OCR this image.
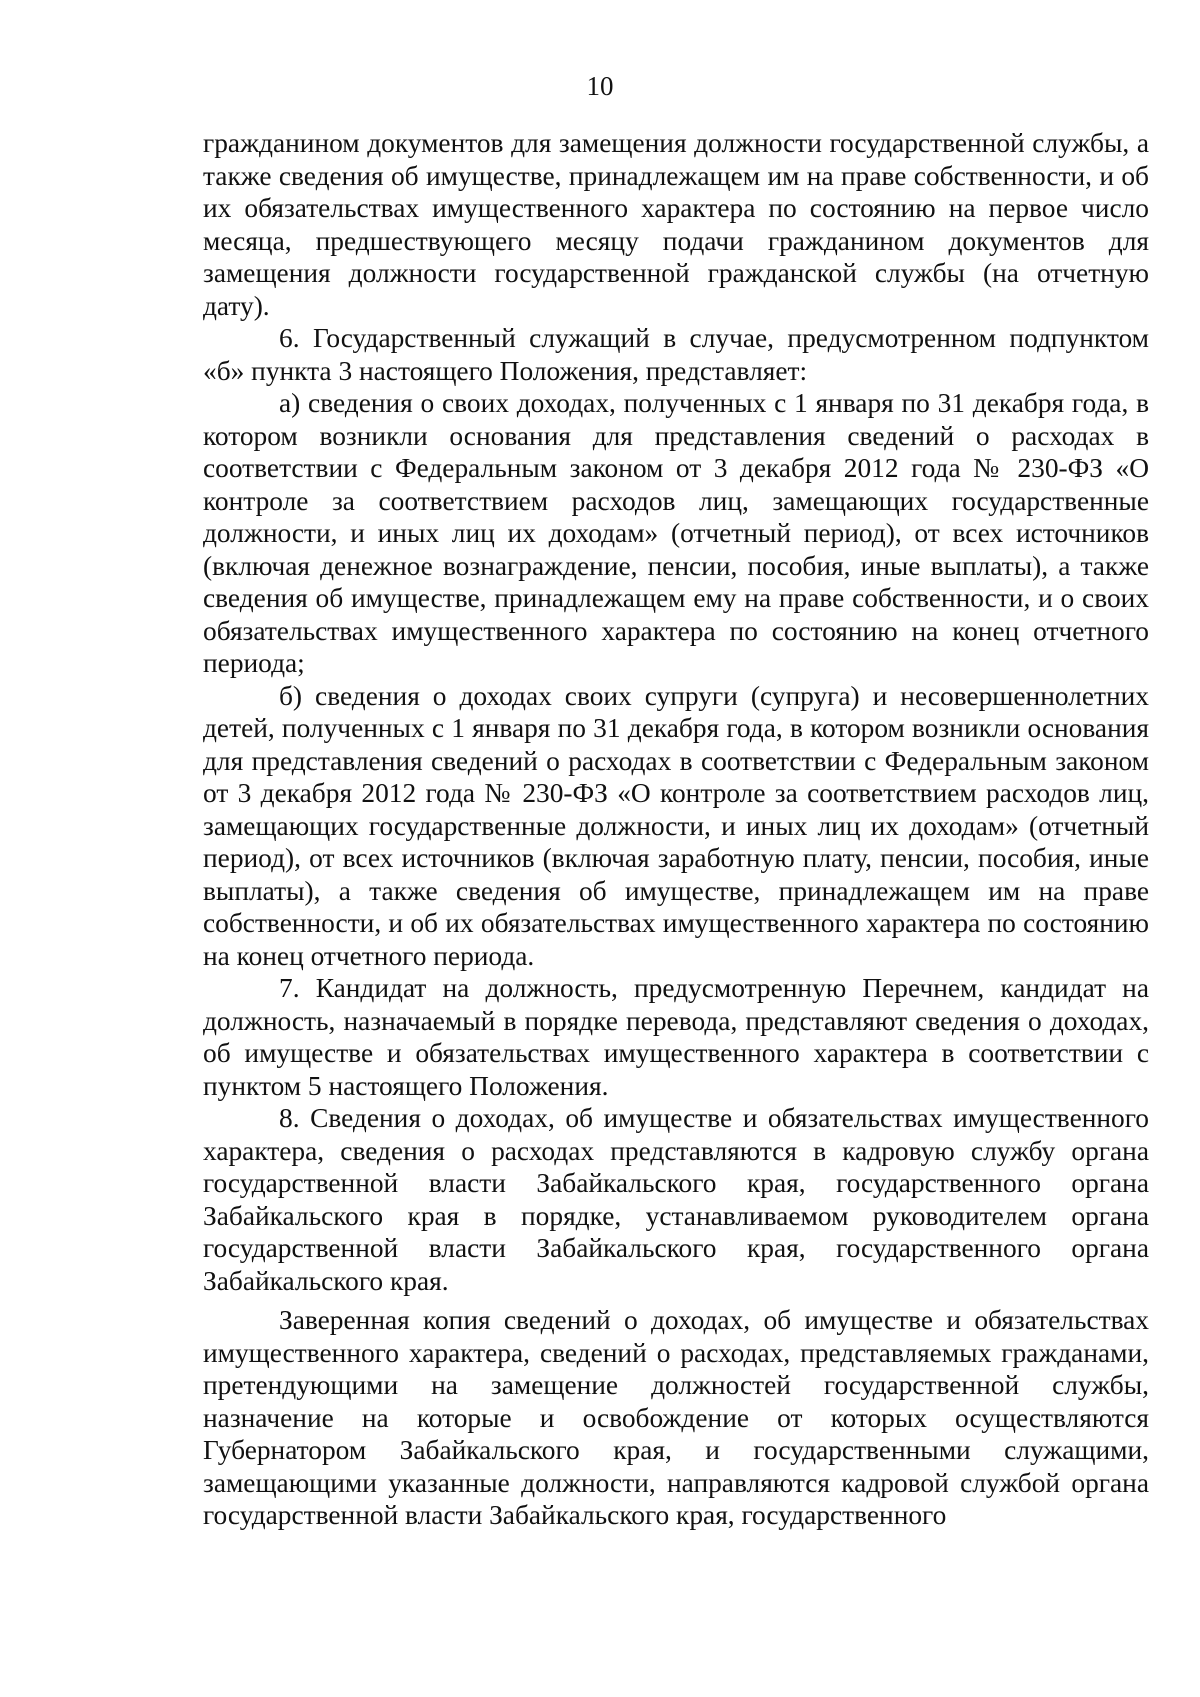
10

гражданином документов для замещения должности государственной службы, а также сведения об имуществе, принадлежащем им на праве собственности, и об их обязательствах имущественного характера по состоянию на первое число месяца, предшествующего месяцу подачи гражданином документов для замещения должности государственной гражданской службы (на отчетную дату).

6. Государственный служащий в случае, предусмотренном подпунктом «б» пункта 3 настоящего Положения, представляет:

а) сведения о своих доходах, полученных с 1 января по 31 декабря года, в котором возникли основания для представления сведений о расходах в соответствии с Федеральным законом от 3 декабря 2012 года № 230-ФЗ «О контроле за соответствием расходов лиц, замещающих государственные должности, и иных лиц их доходам» (отчетный период), от всех источников (включая денежное вознаграждение, пенсии, пособия, иные выплаты), а также сведения об имуществе, принадлежащем ему на праве собственности, и о своих обязательствах имущественного характера по состоянию на конец отчетного периода;

б) сведения о доходах своих супруги (супруга) и несовершеннолетних детей, полученных с 1 января по 31 декабря года, в котором возникли основания для представления сведений о расходах в соответствии с Федеральным законом от 3 декабря 2012 года № 230-ФЗ «О контроле за соответствием расходов лиц, замещающих государственные должности, и иных лиц их доходам» (отчетный период), от всех источников (включая заработную плату, пенсии, пособия, иные выплаты), а также сведения об имуществе, принадлежащем им на праве собственности, и об их обязательствах имущественного характера по состоянию на конец отчетного периода.

7. Кандидат на должность, предусмотренную Перечнем, кандидат на должность, назначаемый в порядке перевода, представляют сведения о доходах, об имуществе и обязательствах имущественного характера в соответствии с пунктом 5 настоящего Положения.

8. Сведения о доходах, об имуществе и обязательствах имущественного характера, сведения о расходах представляются в кадровую службу органа государственной власти Забайкальского края, государственного органа Забайкальского края в порядке, устанавливаемом руководителем органа государственной власти Забайкальского края, государственного органа Забайкальского края.

Заверенная копия сведений о доходах, об имуществе и обязательствах имущественного характера, сведений о расходах, представляемых гражданами, претендующими на замещение должностей государственной службы, назначение на которые и освобождение от которых осуществляются Губернатором Забайкальского края, и государственными служащими, замещающими указанные должности, направляются кадровой службой органа государственной власти Забайкальского края, государственного
